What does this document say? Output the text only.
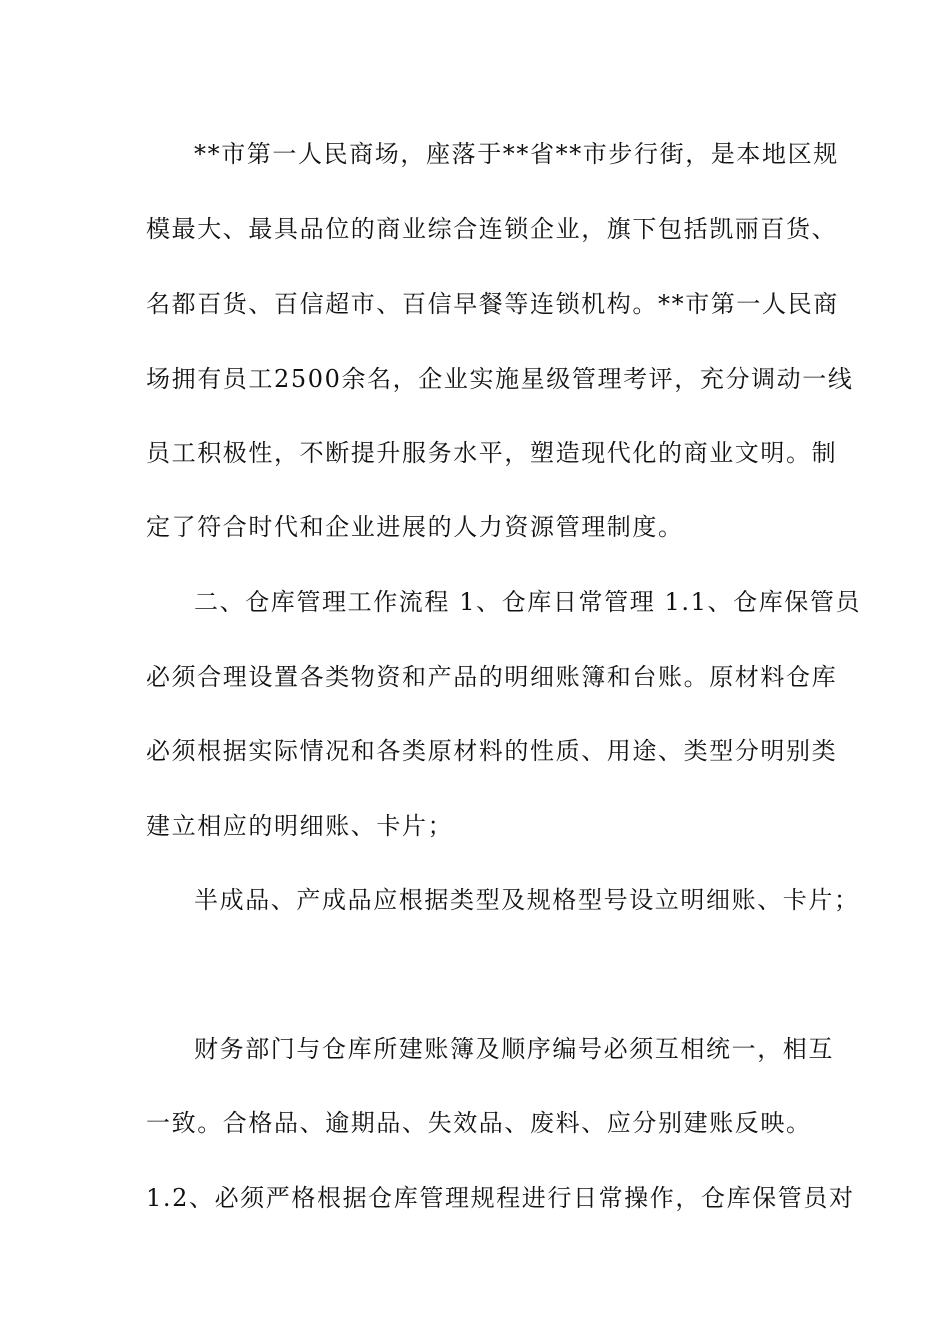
**市第一人民商场，座落于**省**市步行街，是本地区规
模最大、最具品位的商业综合连锁企业，旗下包括凯丽百货、
名都百货、百信超市、百信早餐等连锁机构。**市第一人民商
场拥有员工2500余名，企业实施星级管理考评，充分调动一线
员工积极性，不断提升服务水平，塑造现代化的商业文明。制
定了符合时代和企业进展的人力资源管理制度。
二、仓库管理工作流程 1、仓库日常管理 1.1、仓库保管员
必须合理设置各类物资和产品的明细账簿和台账。原材料仓库
必须根据实际情况和各类原材料的性质、用途、类型分明别类
建立相应的明细账、卡片；
半成品、产成品应根据类型及规格型号设立明细账、卡片；
财务部门与仓库所建账簿及顺序编号必须互相统一，相互
一致。合格品、逾期品、失效品、废料、应分别建账反映。
1.2、必须严格根据仓库管理规程进行日常操作，仓库保管员对
